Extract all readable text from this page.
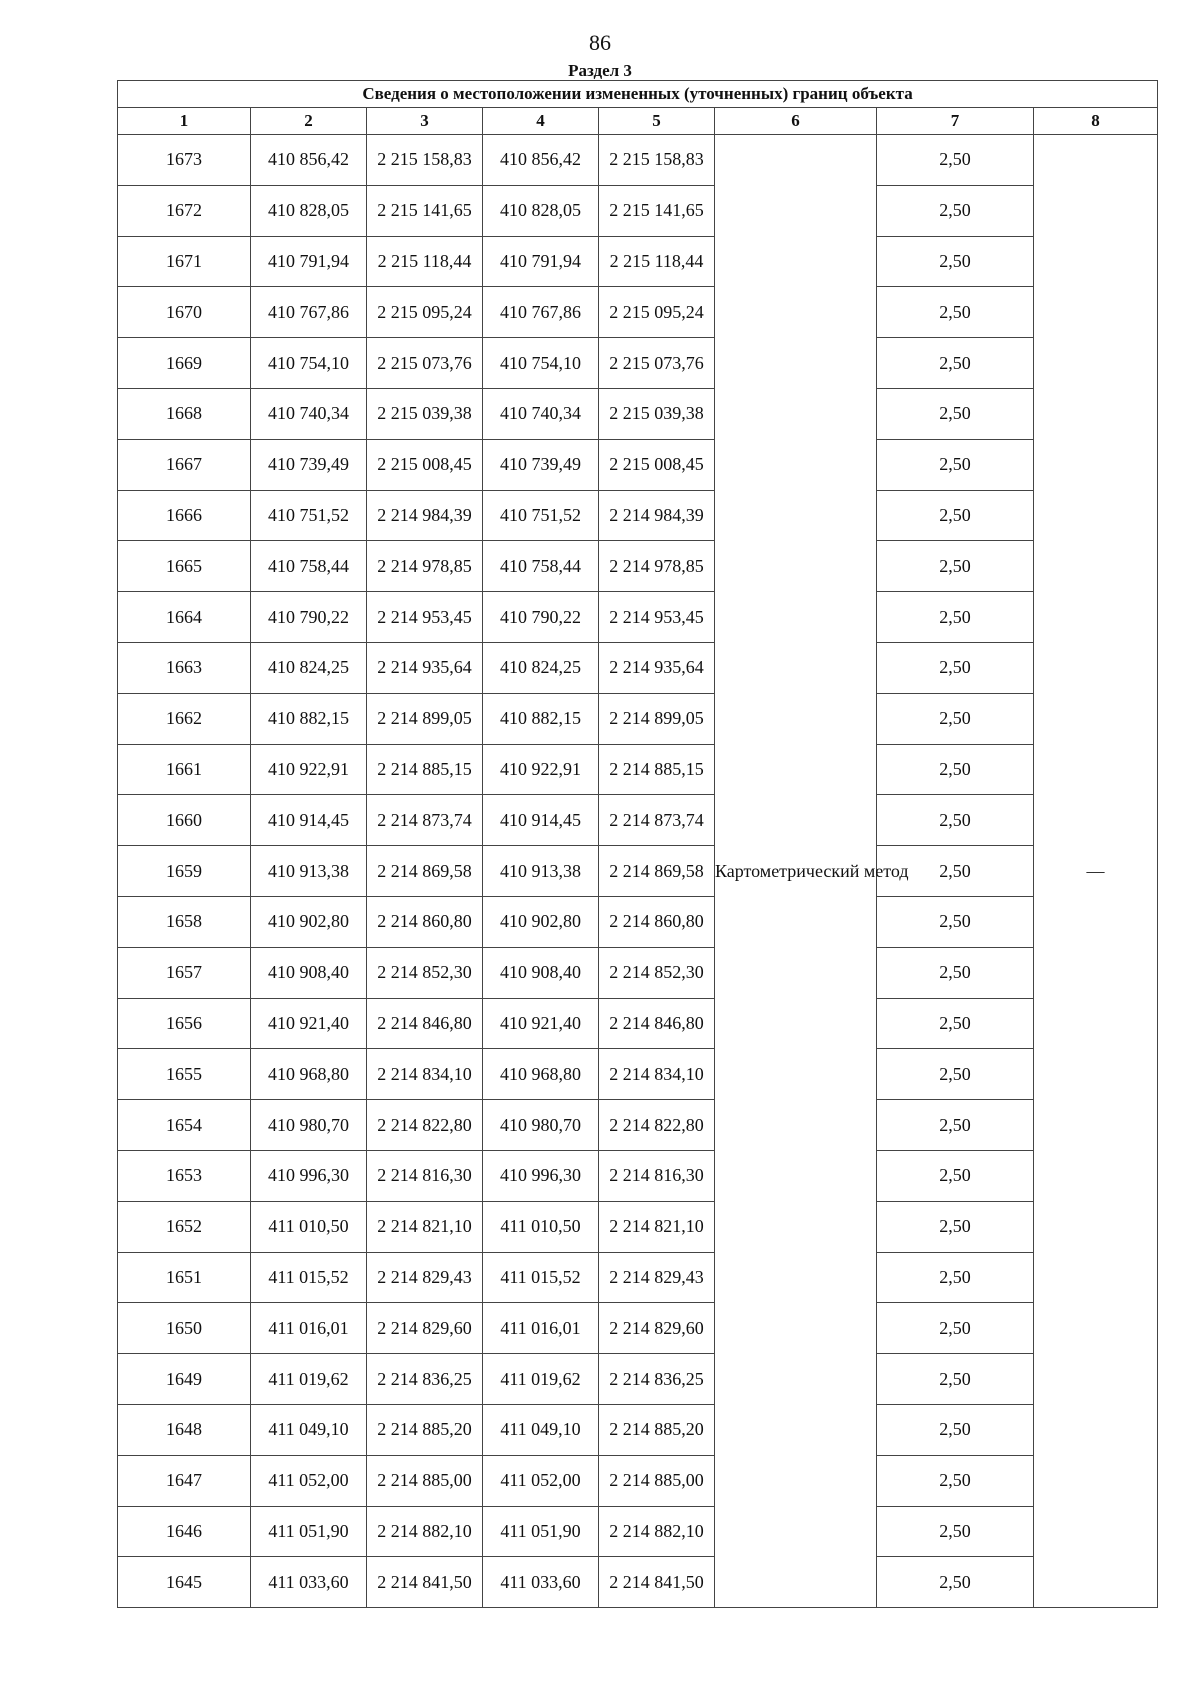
86
Раздел 3
Сведения о местоположении измененных (уточненных) границ объекта							
1	2	3	4	5	6	7	8
1673	410 856,42	2 215 158,83	410 856,42	2 215 158,83	Картометрический метод	2,50	—
1672	410 828,05	2 215 141,65	410 828,05	2 215 141,65		2,50	
1671	410 791,94	2 215 118,44	410 791,94	2 215 118,44		2,50	
1670	410 767,86	2 215 095,24	410 767,86	2 215 095,24		2,50	
1669	410 754,10	2 215 073,76	410 754,10	2 215 073,76		2,50	
1668	410 740,34	2 215 039,38	410 740,34	2 215 039,38		2,50	
1667	410 739,49	2 215 008,45	410 739,49	2 215 008,45		2,50	
1666	410 751,52	2 214 984,39	410 751,52	2 214 984,39		2,50	
1665	410 758,44	2 214 978,85	410 758,44	2 214 978,85		2,50	
1664	410 790,22	2 214 953,45	410 790,22	2 214 953,45		2,50	
1663	410 824,25	2 214 935,64	410 824,25	2 214 935,64		2,50	
1662	410 882,15	2 214 899,05	410 882,15	2 214 899,05		2,50	
1661	410 922,91	2 214 885,15	410 922,91	2 214 885,15		2,50	
1660	410 914,45	2 214 873,74	410 914,45	2 214 873,74		2,50	
1659	410 913,38	2 214 869,58	410 913,38	2 214 869,58		2,50	
1658	410 902,80	2 214 860,80	410 902,80	2 214 860,80		2,50	
1657	410 908,40	2 214 852,30	410 908,40	2 214 852,30		2,50	
1656	410 921,40	2 214 846,80	410 921,40	2 214 846,80		2,50	
1655	410 968,80	2 214 834,10	410 968,80	2 214 834,10		2,50	
1654	410 980,70	2 214 822,80	410 980,70	2 214 822,80		2,50	
1653	410 996,30	2 214 816,30	410 996,30	2 214 816,30		2,50	
1652	411 010,50	2 214 821,10	411 010,50	2 214 821,10		2,50	
1651	411 015,52	2 214 829,43	411 015,52	2 214 829,43		2,50	
1650	411 016,01	2 214 829,60	411 016,01	2 214 829,60		2,50	
1649	411 019,62	2 214 836,25	411 019,62	2 214 836,25		2,50	
1648	411 049,10	2 214 885,20	411 049,10	2 214 885,20		2,50	
1647	411 052,00	2 214 885,00	411 052,00	2 214 885,00		2,50	
1646	411 051,90	2 214 882,10	411 051,90	2 214 882,10		2,50	
1645	411 033,60	2 214 841,50	411 033,60	2 214 841,50		2,50	
